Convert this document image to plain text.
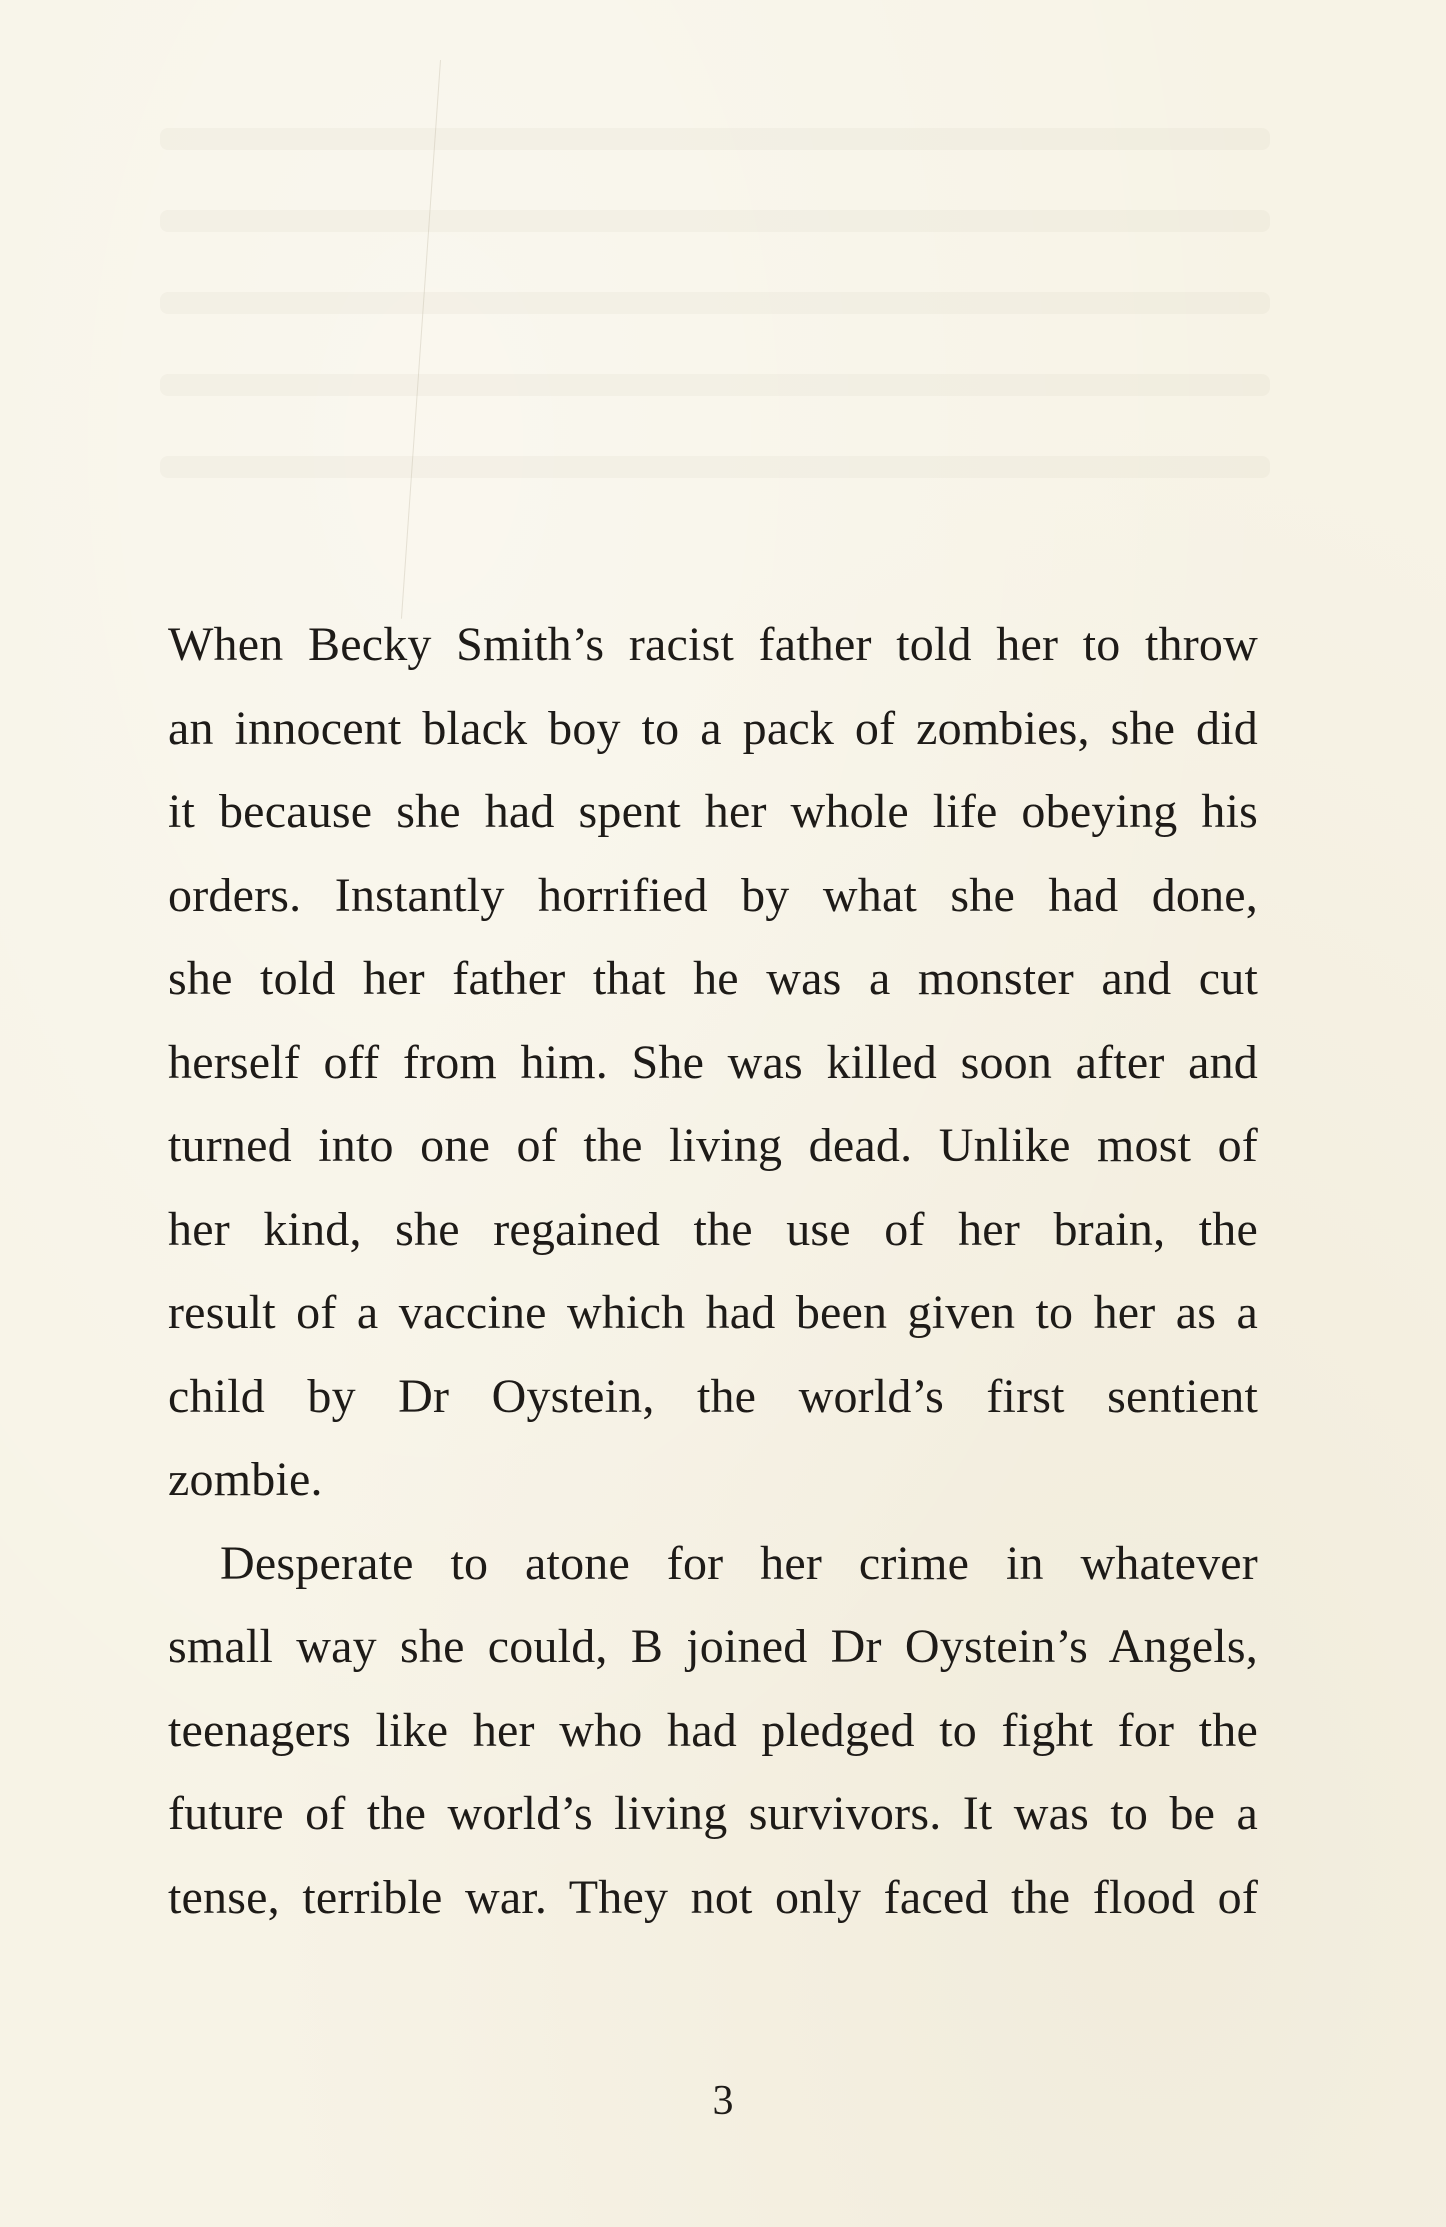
When Becky Smith’s racist father told her to throw
an innocent black boy to a pack of zombies, she did
it because she had spent her whole life obeying his
orders. Instantly horrified by what she had done,
she told her father that he was a monster and cut
herself off from him. She was killed soon after and
turned into one of the living dead. Unlike most of
her kind, she regained the use of her brain, the
result of a vaccine which had been given to her as a
child by Dr Oystein, the world’s first sentient
zombie.

Desperate to atone for her crime in whatever
small way she could, B joined Dr Oystein’s Angels,
teenagers like her who had pledged to fight for the
future of the world’s living survivors. It was to be a
tense, terrible war. They not only faced the flood of

3
